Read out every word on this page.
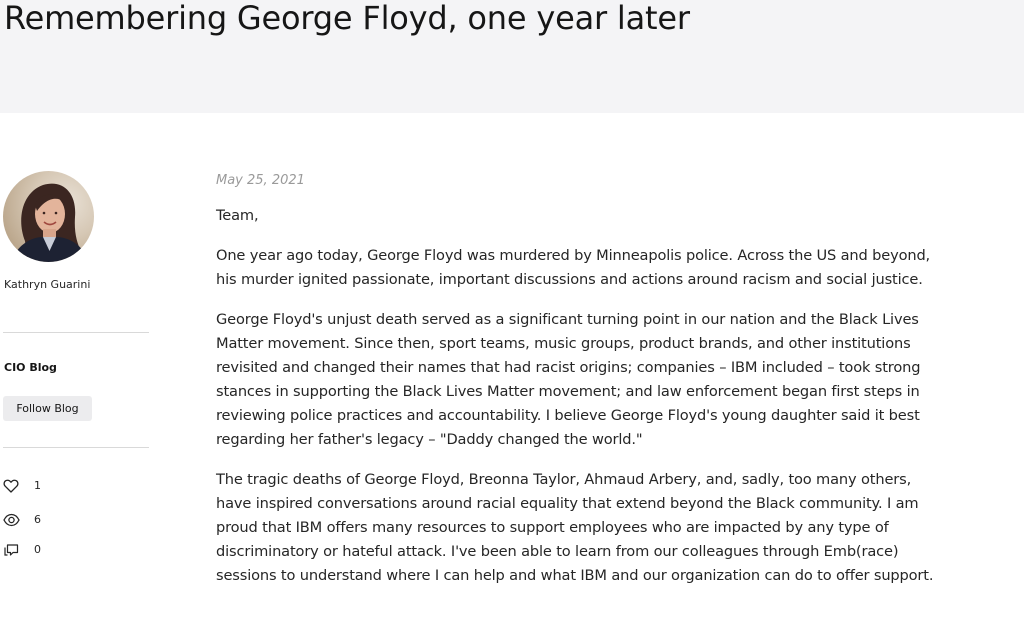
Remembering George Floyd, one year later
Kathryn Guarini
CIO Blog
Follow Blog
1
6
0

May 25, 2021

Team,

One year ago today, George Floyd was murdered by Minneapolis police. Across the US and beyond, his murder ignited passionate, important discussions and actions around racism and social justice.

George Floyd's unjust death served as a significant turning point in our nation and the Black Lives Matter movement. Since then, sport teams, music groups, product brands, and other institutions revisited and changed their names that had racist origins; companies – IBM included – took strong stances in supporting the Black Lives Matter movement; and law enforcement began first steps in reviewing police practices and accountability. I believe George Floyd's young daughter said it best regarding her father's legacy – "Daddy changed the world."

The tragic deaths of George Floyd, Breonna Taylor, Ahmaud Arbery, and, sadly, too many others, have inspired conversations around racial equality that extend beyond the Black community. I am proud that IBM offers many resources to support employees who are impacted by any type of discriminatory or hateful attack. I've been able to learn from our colleagues through Emb(race) sessions to understand where I can help and what IBM and our organization can do to offer support.
